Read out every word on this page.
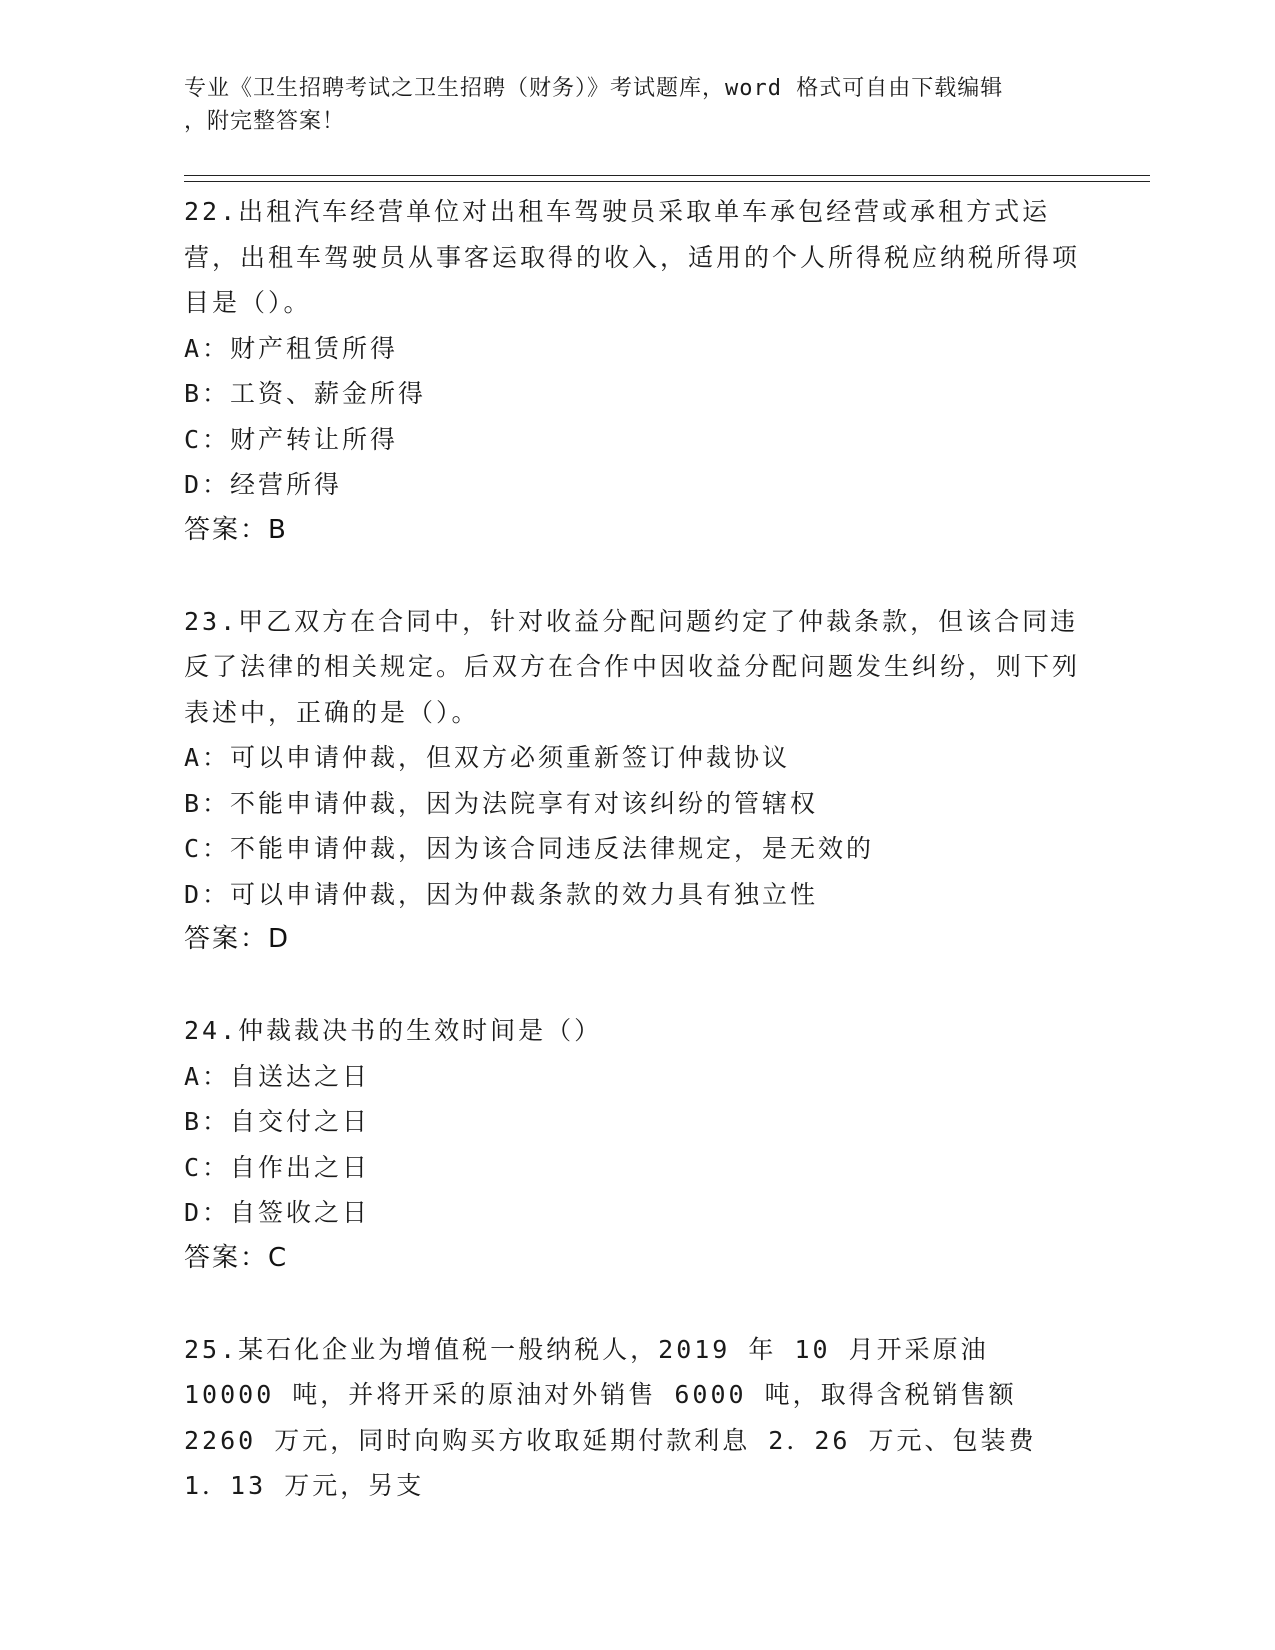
专业《卫生招聘考试之卫生招聘（财务）》考试题库，word 格式可自由下载编辑
，附完整答案！

22.出租汽车经营单位对出租车驾驶员采取单车承包经营或承租方式运营，出租车驾驶员从事客运取得的收入，适用的个人所得税应纳税所得项目是（）。

A：财产租赁所得
B：工资、薪金所得
C：财产转让所得
D：经营所得

答案：B

23.甲乙双方在合同中，针对收益分配问题约定了仲裁条款，但该合同违反了法律的相关规定。后双方在合作中因收益分配问题发生纠纷，则下列表述中，正确的是（）。

A：可以申请仲裁，但双方必须重新签订仲裁协议
B：不能申请仲裁，因为法院享有对该纠纷的管辖权
C：不能申请仲裁，因为该合同违反法律规定，是无效的
D：可以申请仲裁，因为仲裁条款的效力具有独立性

答案：D

24.仲裁裁决书的生效时间是（）

A：自送达之日
B：自交付之日
C：自作出之日
D：自签收之日

答案：C

25.某石化企业为增值税一般纳税人，2019 年 10 月开采原油 10000 吨，并将开采的原油对外销售 6000 吨，取得含税销售额 2260 万元，同时向购买方收取延期付款利息 2．26 万元、包装费 1．13 万元，另支
